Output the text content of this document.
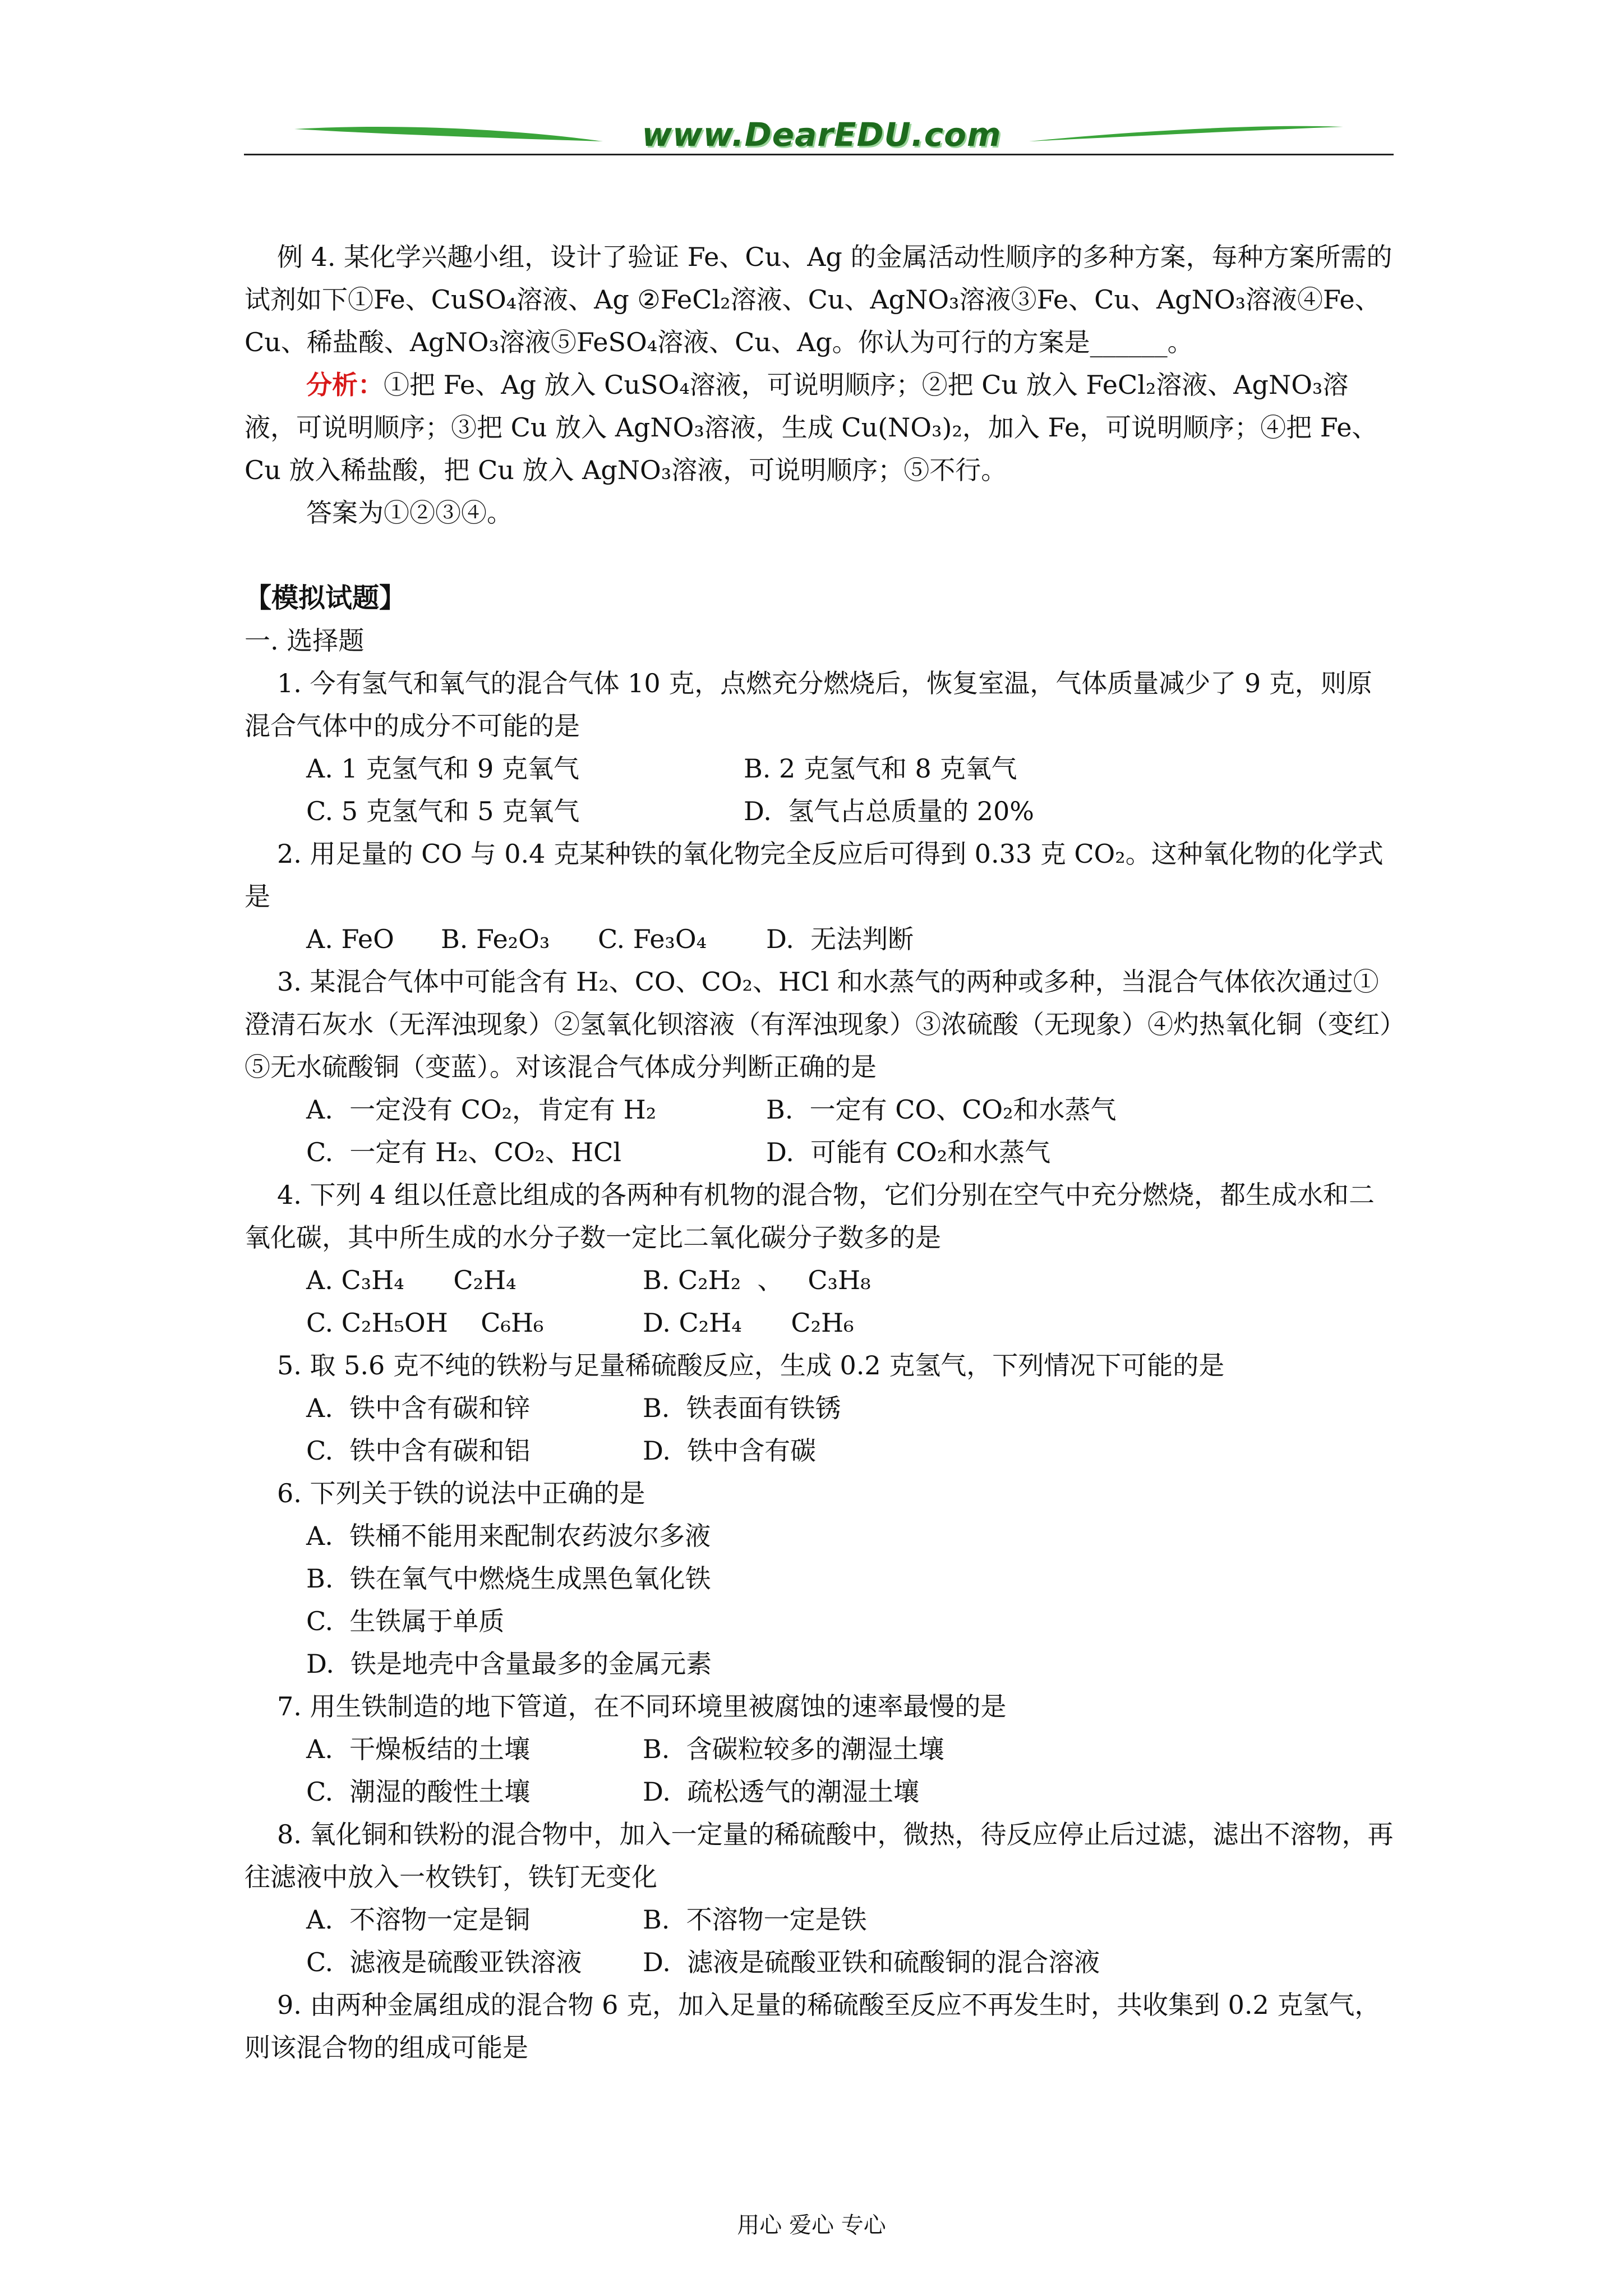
www.DearEDU.com

例 4. 某化学兴趣小组，设计了验证 Fe、Cu、Ag 的金属活动性顺序的多种方案，每种方案所需的试剂如下①Fe、CuSO₄溶液、Ag ②FeCl₂溶液、Cu、AgNO₃溶液③Fe、Cu、AgNO₃溶液④Fe、Cu、稀盐酸、AgNO₃溶液⑤FeSO₄溶液、Cu、Ag。你认为可行的方案是______。

分析：①把 Fe、Ag 放入 CuSO₄溶液，可说明顺序；②把 Cu 放入 FeCl₂溶液、AgNO₃溶液，可说明顺序；③把 Cu 放入 AgNO₃溶液，生成 Cu(NO₃)₂，加入 Fe，可说明顺序；④把 Fe、Cu 放入稀盐酸，把 Cu 放入 AgNO₃溶液，可说明顺序；⑤不行。

答案为①②③④。

【模拟试题】

一. 选择题

1. 今有氢气和氧气的混合气体 10 克，点燃充分燃烧后，恢复室温，气体质量减少了 9 克，则原混合气体中的成分不可能的是

A. 1 克氢气和 9 克氧气	B. 2 克氢气和 8 克氧气
C. 5 克氢气和 5 克氧气	D.  氢气占总质量的 20%

2. 用足量的 CO 与 0.4 克某种铁的氧化物完全反应后可得到 0.33 克 CO₂。这种氧化物的化学式是

A. FeO	B. Fe₂O₃	C. Fe₃O₄	D.  无法判断

3. 某混合气体中可能含有 H₂、CO、CO₂、HCl 和水蒸气的两种或多种，当混合气体依次通过①澄清石灰水（无浑浊现象）②氢氧化钡溶液（有浑浊现象）③浓硫酸（无现象）④灼热氧化铜（变红）⑤无水硫酸铜（变蓝）。对该混合气体成分判断正确的是

A.  一定没有 CO₂，肯定有 H₂	B.  一定有 CO、CO₂和水蒸气
C.  一定有 H₂、CO₂、HCl	D.  可能有 CO₂和水蒸气

4. 下列 4 组以任意比组成的各两种有机物的混合物，它们分别在空气中充分燃烧，都生成水和二氧化碳，其中所生成的水分子数一定比二氧化碳分子数多的是

A. C₃H₄      C₂H₄	B. C₂H₂  、   C₃H₈
C. C₂H₅OH    C₆H₆	D. C₂H₄      C₂H₆

5. 取 5.6 克不纯的铁粉与足量稀硫酸反应，生成 0.2 克氢气，下列情况下可能的是

A.  铁中含有碳和锌	B.  铁表面有铁锈
C.  铁中含有碳和铝	D.  铁中含有碳

6. 下列关于铁的说法中正确的是

A.  铁桶不能用来配制农药波尔多液
B.  铁在氧气中燃烧生成黑色氧化铁
C.  生铁属于单质
D.  铁是地壳中含量最多的金属元素

7. 用生铁制造的地下管道，在不同环境里被腐蚀的速率最慢的是

A.  干燥板结的土壤	B.  含碳粒较多的潮湿土壤
C.  潮湿的酸性土壤	D.  疏松透气的潮湿土壤

8. 氧化铜和铁粉的混合物中，加入一定量的稀硫酸中，微热，待反应停止后过滤，滤出不溶物，再往滤液中放入一枚铁钉，铁钉无变化

A.  不溶物一定是铜	B.  不溶物一定是铁
C.  滤液是硫酸亚铁溶液	D.  滤液是硫酸亚铁和硫酸铜的混合溶液

9. 由两种金属组成的混合物 6 克，加入足量的稀硫酸至反应不再发生时，共收集到 0.2 克氢气，则该混合物的组成可能是

用心 爱心 专心
